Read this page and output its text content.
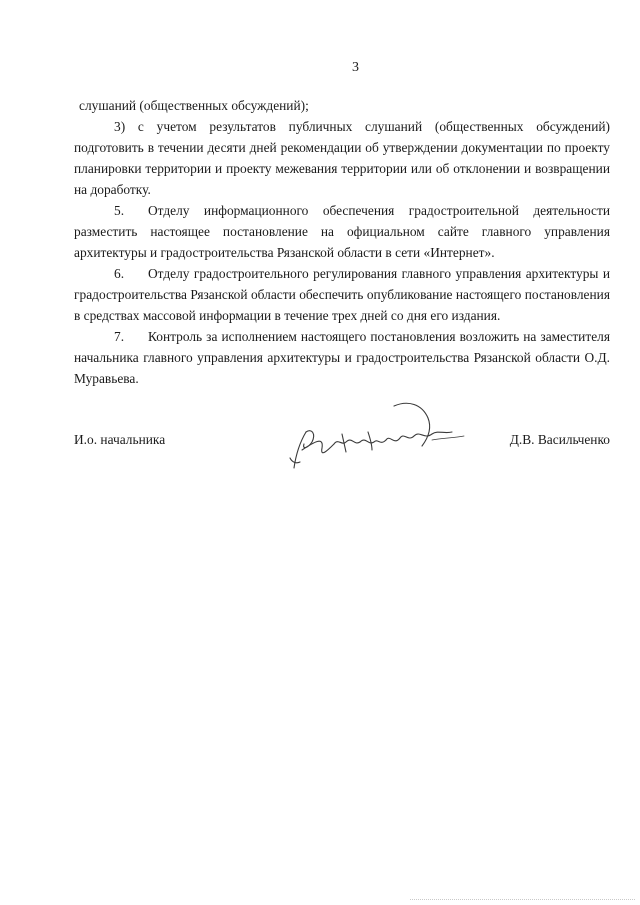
3

слушаний (общественных обсуждений);

3) с учетом результатов публичных слушаний (общественных обсуждений) подготовить в течении десяти дней рекомендации об утверждении документации по проекту планировки территории и проекту межевания территории или об отклонении и возвращении на доработку.

5. Отделу информационного обеспечения градостроительной деятельности разместить настоящее постановление на официальном сайте главного управления архитектуры и градостроительства Рязанской области в сети «Интернет».

6. Отделу градостроительного регулирования главного управления архитектуры и градостроительства Рязанской области обеспечить опубликование настоящего постановления в средствах массовой информации в течение трех дней со дня его издания.

7. Контроль за исполнением настоящего постановления возложить на заместителя начальника главного управления архитектуры и градостроительства Рязанской области О.Д. Муравьева.

И.о. начальника	Д.В. Васильченко
